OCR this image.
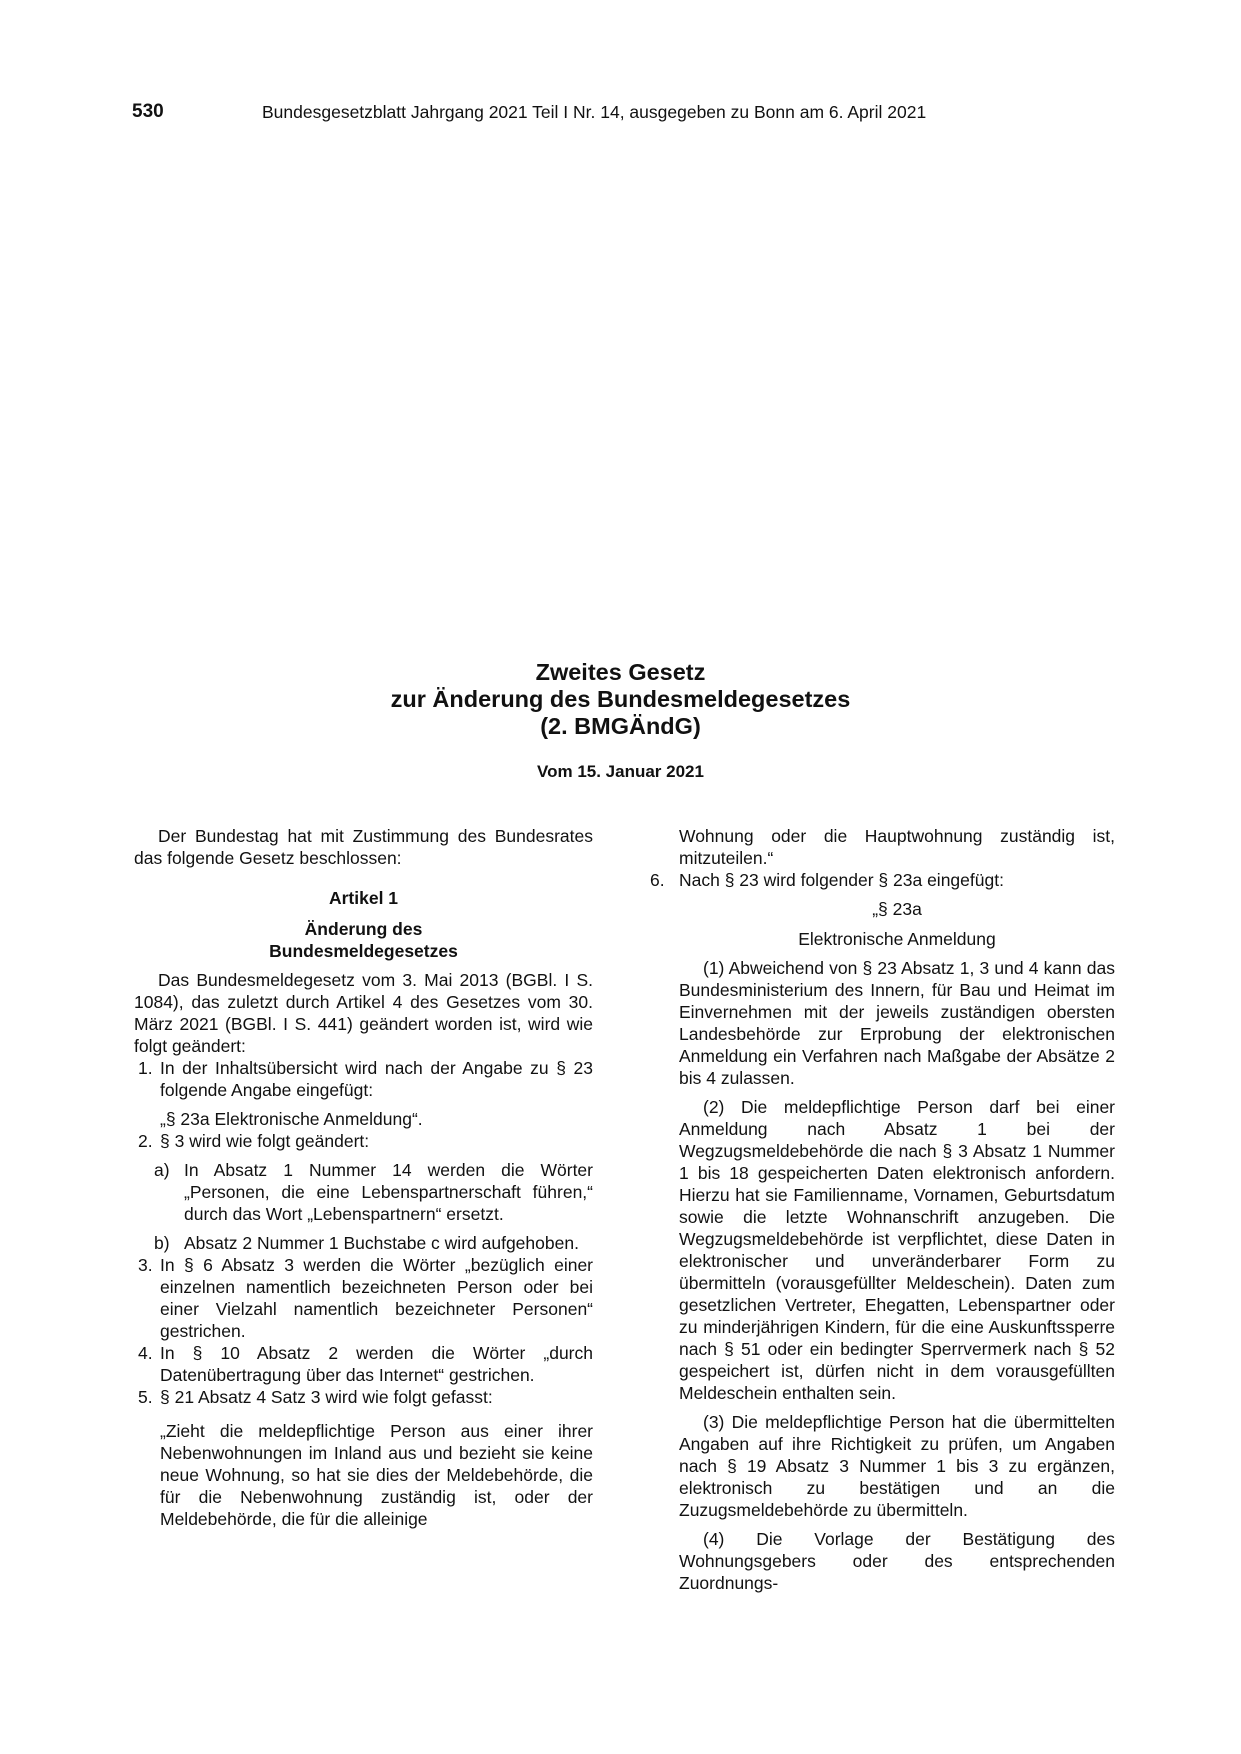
530	Bundesgesetzblatt Jahrgang 2021 Teil I Nr. 14, ausgegeben zu Bonn am 6. April 2021
Zweites Gesetz
zur Änderung des Bundesmeldegesetzes
(2. BMGÄndG)
Vom 15. Januar 2021

Der Bundestag hat mit Zustimmung des Bundesrates das folgende Gesetz beschlossen:

Artikel 1
Änderung des
Bundesmeldegesetzes

Das Bundesmeldegesetz vom 3. Mai 2013 (BGBl. I S. 1084), das zuletzt durch Artikel 4 des Gesetzes vom 30. März 2021 (BGBl. I S. 441) geändert worden ist, wird wie folgt geändert:

1. In der Inhaltsübersicht wird nach der Angabe zu § 23 folgende Angabe eingefügt:
„§ 23a Elektronische Anmeldung“.
2. § 3 wird wie folgt geändert:
a) In Absatz 1 Nummer 14 werden die Wörter „Personen, die eine Lebenspartnerschaft führen,“ durch das Wort „Lebenspartnern“ ersetzt.
b) Absatz 2 Nummer 1 Buchstabe c wird aufgehoben.
3. In § 6 Absatz 3 werden die Wörter „bezüglich einer einzelnen namentlich bezeichneten Person oder bei einer Vielzahl namentlich bezeichneter Personen“ gestrichen.
4. In § 10 Absatz 2 werden die Wörter „durch Datenübertragung über das Internet“ gestrichen.
5. § 21 Absatz 4 Satz 3 wird wie folgt gefasst:
„Zieht die meldepflichtige Person aus einer ihrer Nebenwohnungen im Inland aus und bezieht sie keine neue Wohnung, so hat sie dies der Meldebehörde, die für die Nebenwohnung zuständig ist, oder der Meldebehörde, die für die alleinige
Wohnung oder die Hauptwohnung zuständig ist, mitzuteilen.“
6. Nach § 23 wird folgender § 23a eingefügt:
„§ 23a
Elektronische Anmeldung

(1) Abweichend von § 23 Absatz 1, 3 und 4 kann das Bundesministerium des Innern, für Bau und Heimat im Einvernehmen mit der jeweils zuständigen obersten Landesbehörde zur Erprobung der elektronischen Anmeldung ein Verfahren nach Maßgabe der Absätze 2 bis 4 zulassen.

(2) Die meldepflichtige Person darf bei einer Anmeldung nach Absatz 1 bei der Wegzugsmeldebehörde die nach § 3 Absatz 1 Nummer 1 bis 18 gespeicherten Daten elektronisch anfordern. Hierzu hat sie Familienname, Vornamen, Geburtsdatum sowie die letzte Wohnanschrift anzugeben. Die Wegzugsmeldebehörde ist verpflichtet, diese Daten in elektronischer und unveränderbarer Form zu übermitteln (vorausgefüllter Meldeschein). Daten zum gesetzlichen Vertreter, Ehegatten, Lebenspartner oder zu minderjährigen Kindern, für die eine Auskunftssperre nach § 51 oder ein bedingter Sperrvermerk nach § 52 gespeichert ist, dürfen nicht in dem vorausgefüllten Meldeschein enthalten sein.

(3) Die meldepflichtige Person hat die übermittelten Angaben auf ihre Richtigkeit zu prüfen, um Angaben nach § 19 Absatz 3 Nummer 1 bis 3 zu ergänzen, elektronisch zu bestätigen und an die Zuzugsmeldebehörde zu übermitteln.

(4) Die Vorlage der Bestätigung des Wohnungsgebers oder des entsprechenden Zuordnungs-
